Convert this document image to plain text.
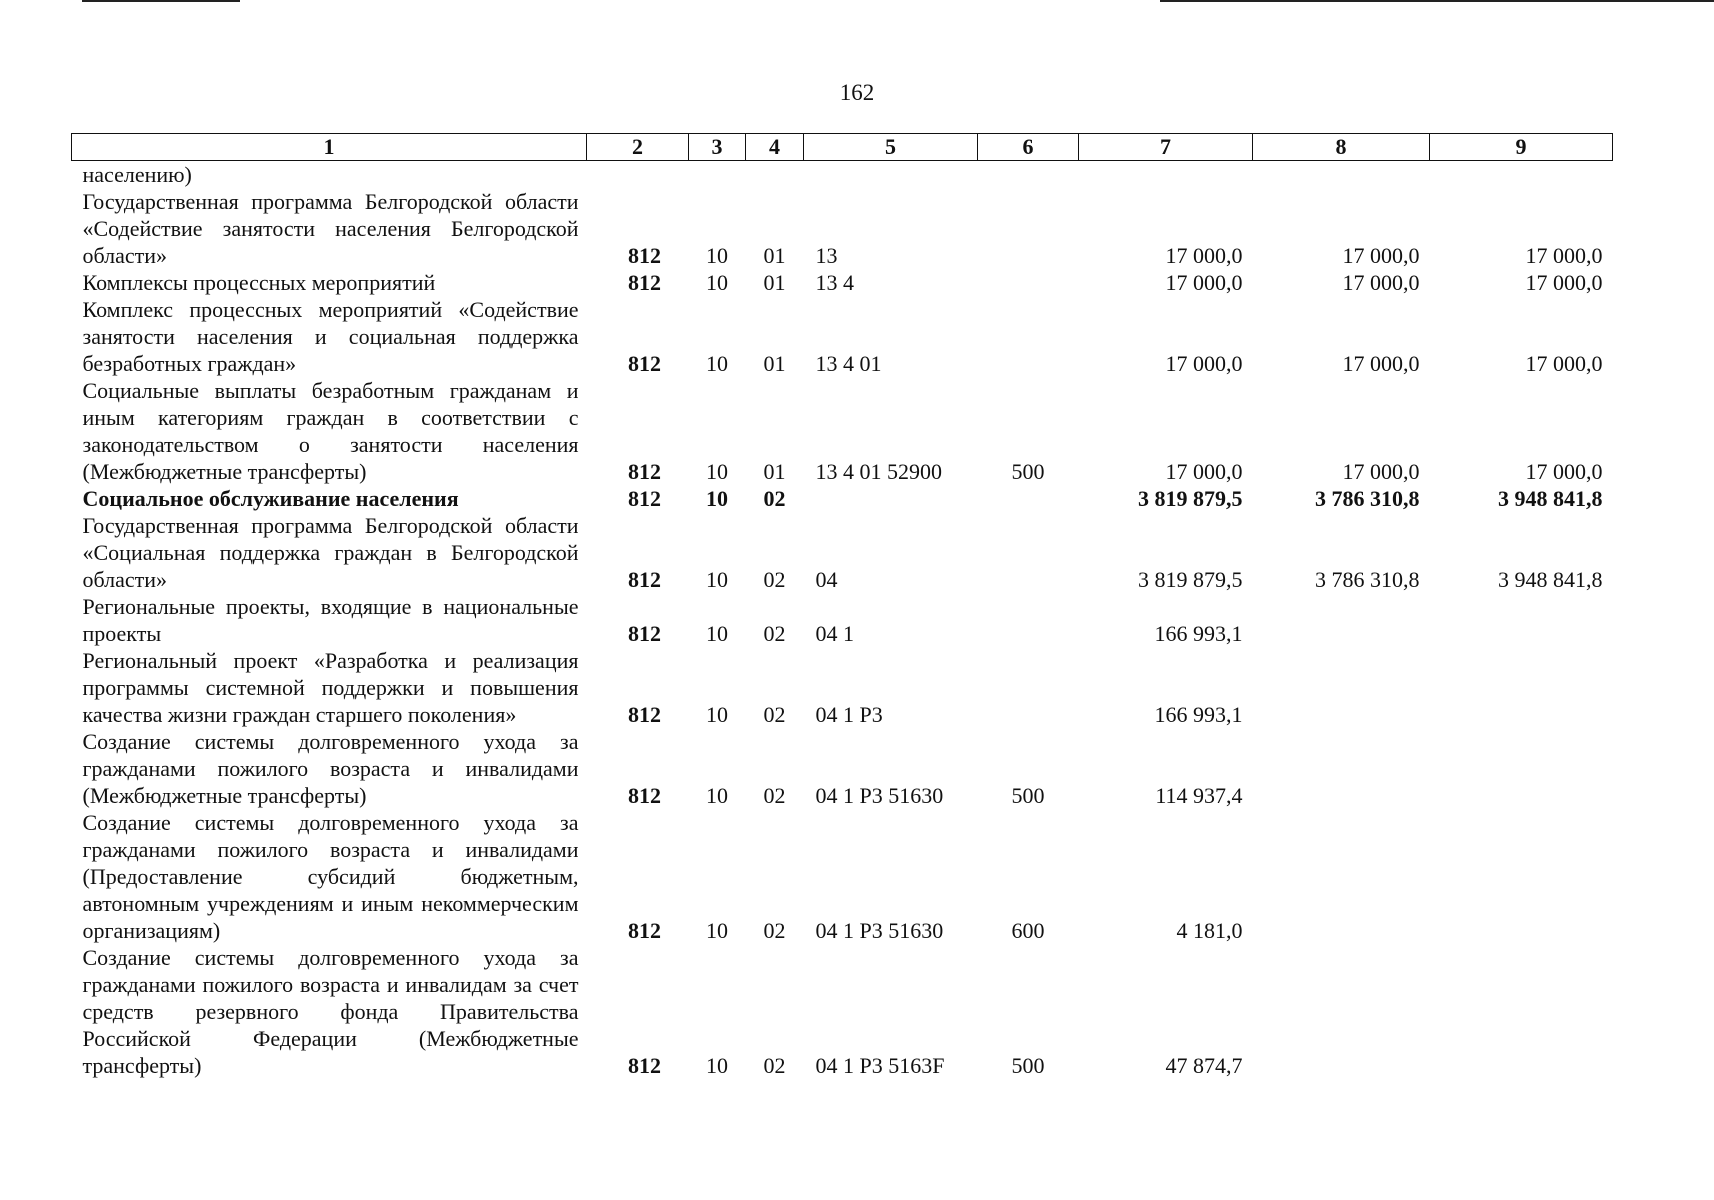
162
1	2	3	4	5	6	7	8	9
населению)								
Государственная программа Белгородской области «Содействие занятости населения Белгородской области»	812	10	01	13		17 000,0	17 000,0	17 000,0
Комплексы процессных мероприятий	812	10	01	13 4		17 000,0	17 000,0	17 000,0
Комплекс процессных мероприятий «Содействие занятости населения и социальная поддержка безработных граждан»	812	10	01	13 4 01		17 000,0	17 000,0	17 000,0
Социальные выплаты безработным гражданам и иным категориям граждан в соответствии с законодательством о занятости населения (Межбюджетные трансферты)	812	10	01	13 4 01 52900	500	17 000,0	17 000,0	17 000,0
Социальное обслуживание населения	812	10	02			3 819 879,5	3 786 310,8	3 948 841,8
Государственная программа Белгородской области «Социальная поддержка граждан в Белгородской области»	812	10	02	04		3 819 879,5	3 786 310,8	3 948 841,8
Региональные проекты, входящие в национальные проекты	812	10	02	04 1		166 993,1		
Региональный проект «Разработка и реализация программы системной поддержки и повышения качества жизни граждан старшего поколения»	812	10	02	04 1 Р3		166 993,1		
Создание системы долговременного ухода за гражданами пожилого возраста и инвалидами (Межбюджетные трансферты)	812	10	02	04 1 Р3 51630	500	114 937,4		
Создание системы долговременного ухода за гражданами пожилого возраста и инвалидами (Предоставление субсидий бюджетным, автономным учреждениям и иным некоммерческим организациям)	812	10	02	04 1 Р3 51630	600	4 181,0		
Создание системы долговременного ухода за гражданами пожилого возраста и инвалидам за счет средств резервного фонда Правительства Российской Федерации (Межбюджетные трансферты)	812	10	02	04 1 Р3 5163F	500	47 874,7		
